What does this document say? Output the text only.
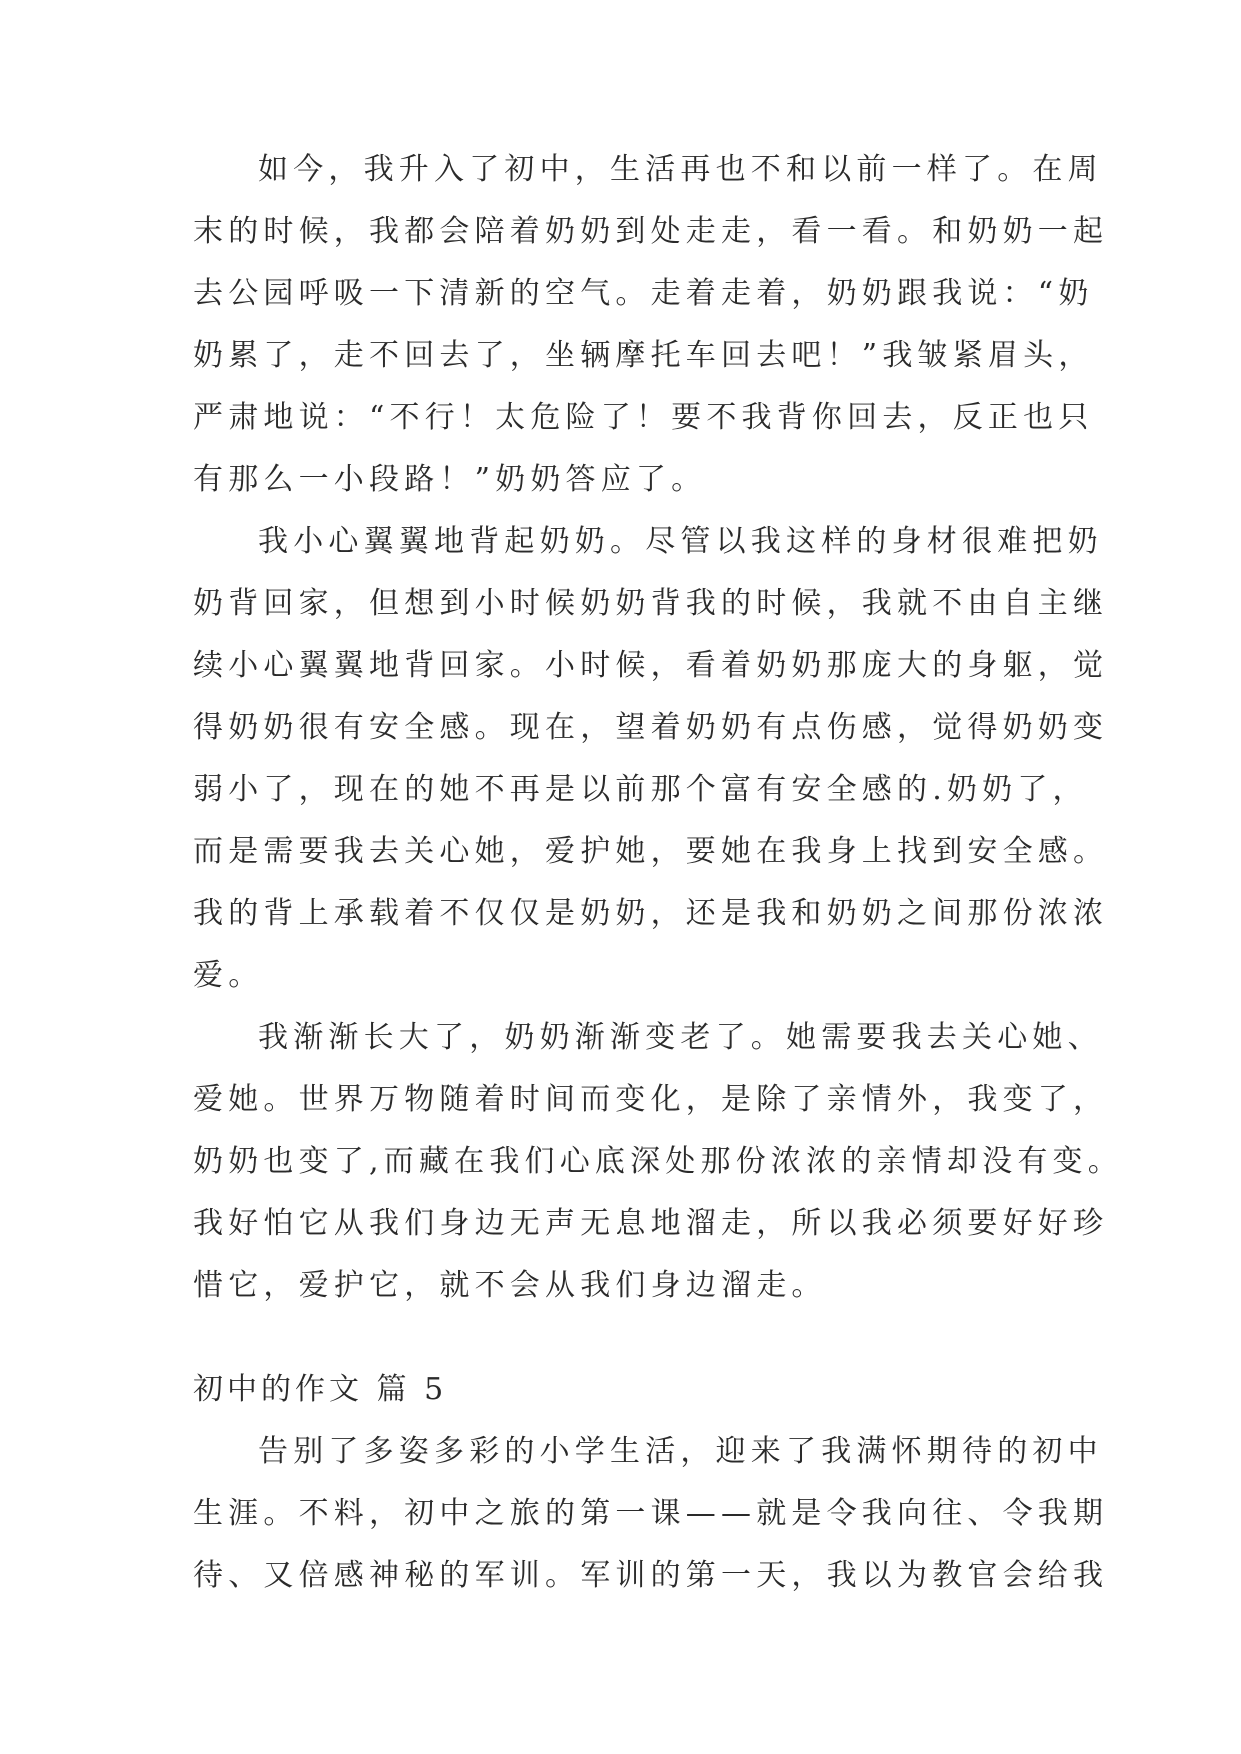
如今，我升入了初中，生活再也不和以前一样了。在周
末的时候，我都会陪着奶奶到处走走，看一看。和奶奶一起
去公园呼吸一下清新的空气。走着走着，奶奶跟我说：“奶
奶累了，走不回去了，坐辆摩托车回去吧！”我皱紧眉头，
严肃地说：“不行！太危险了！要不我背你回去，反正也只
有那么一小段路！”奶奶答应了。
我小心翼翼地背起奶奶。尽管以我这样的身材很难把奶
奶背回家，但想到小时候奶奶背我的时候，我就不由自主继
续小心翼翼地背回家。小时候，看着奶奶那庞大的身躯，觉
得奶奶很有安全感。现在，望着奶奶有点伤感，觉得奶奶变
弱小了，现在的她不再是以前那个富有安全感的.奶奶了，
而是需要我去关心她，爱护她，要她在我身上找到安全感。
我的背上承载着不仅仅是奶奶，还是我和奶奶之间那份浓浓
爱。
我渐渐长大了，奶奶渐渐变老了。她需要我去关心她、
爱她。世界万物随着时间而变化，是除了亲情外，我变了，
奶奶也变了,而藏在我们心底深处那份浓浓的亲情却没有变。
我好怕它从我们身边无声无息地溜走，所以我必须要好好珍
惜它，爱护它，就不会从我们身边溜走。
初中的作文 篇 5
告别了多姿多彩的小学生活，迎来了我满怀期待的初中
生涯。不料，初中之旅的第一课——就是令我向往、令我期
待、又倍感神秘的军训。军训的第一天，我以为教官会给我
